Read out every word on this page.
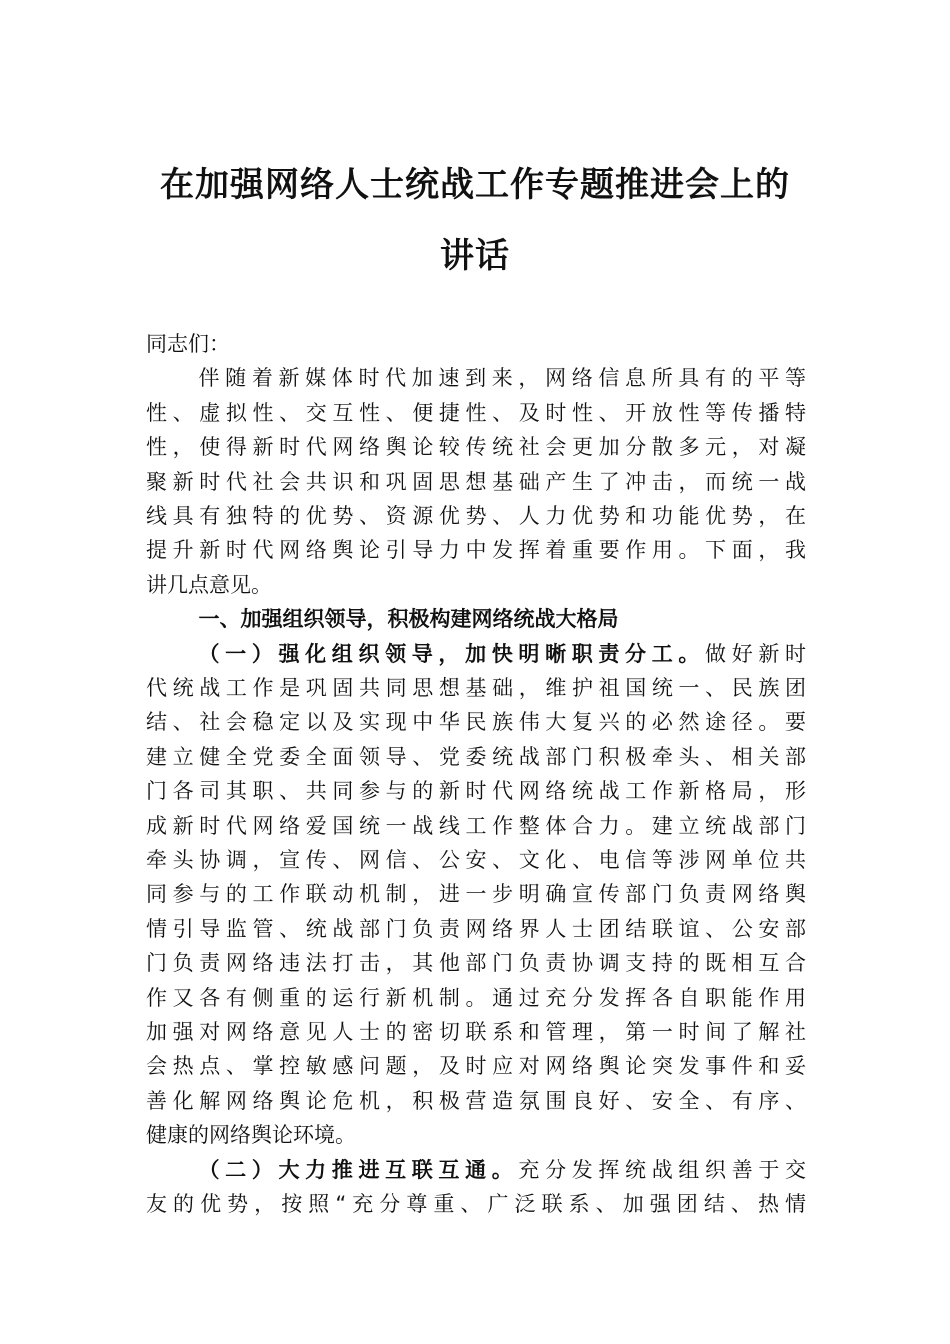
在加强网络人士统战工作专题推进会上的
讲话
同志们：
伴随着新媒体时代加速到来，网络信息所具有的平等
性、虚拟性、交互性、便捷性、及时性、开放性等传播特
性，使得新时代网络舆论较传统社会更加分散多元，对凝
聚新时代社会共识和巩固思想基础产生了冲击，而统一战
线具有独特的优势、资源优势、人力优势和功能优势，在
提升新时代网络舆论引导力中发挥着重要作用。下面，我
讲几点意见。
一、加强组织领导，积极构建网络统战大格局
（一）强化组织领导，加快明晰职责分工。做好新时
代统战工作是巩固共同思想基础，维护祖国统一、民族团
结、社会稳定以及实现中华民族伟大复兴的必然途径。要
建立健全党委全面领导、党委统战部门积极牵头、相关部
门各司其职、共同参与的新时代网络统战工作新格局，形
成新时代网络爱国统一战线工作整体合力。建立统战部门
牵头协调，宣传、网信、公安、文化、电信等涉网单位共
同参与的工作联动机制，进一步明确宣传部门负责网络舆
情引导监管、统战部门负责网络界人士团结联谊、公安部
门负责网络违法打击，其他部门负责协调支持的既相互合
作又各有侧重的运行新机制。通过充分发挥各自职能作用
加强对网络意见人士的密切联系和管理，第一时间了解社
会热点、掌控敏感问题，及时应对网络舆论突发事件和妥
善化解网络舆论危机，积极营造氛围良好、安全、有序、
健康的网络舆论环境。
（二）大力推进互联互通。充分发挥统战组织善于交
友的优势，按照“充分尊重、广泛联系、加强团结、热情
